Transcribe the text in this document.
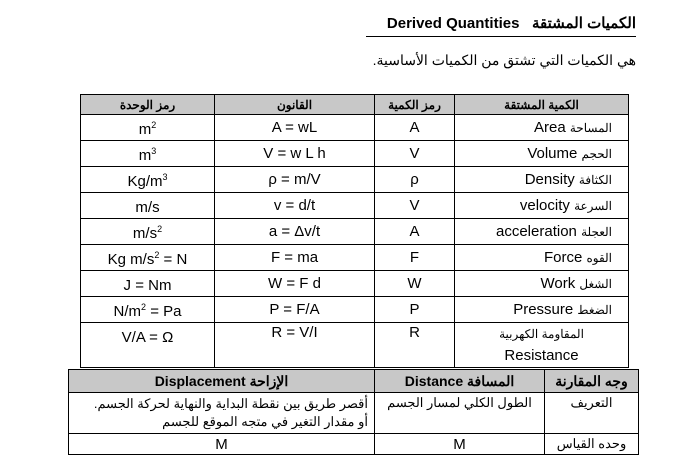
الكميات المشتقة   Derived Quantities
هي الكميات التي تشتق من الكميات الأساسية.
رمز الوحدة	القانون	رمز الكمية	الكمية المشتقة
$m^2$	A = wL	A	المساحة Area
$m^3$	V = w L h	V	الحجم Volume
$Kg/m^3$	ρ = m/V	ρ	الكثافة Density
m/s	v = d/t	V	السرعة velocity
$m/s^2$	a = Δv/t	A	العجلة acceleration
Kg $m/s^2 = N$	F = ma	F	القوه Force
J = Nm	W = F d	W	الشغل Work
$N/m^2 = Pa$	P = F/A	P	الضغط Pressure
V/A = Ω	R = V/I	R	المقاومة الكهربية
Resistance
Displacement الإزاحة	Distance المسافة	وجه المقارنة

أقصر طريق بين نقطة البداية والنهاية لحركة الجسم.
أو مقدار التغير في متجه الموقع للجسم	الطول الكلي لمسار الجسم	التعريف
M	M	وحده القياس
